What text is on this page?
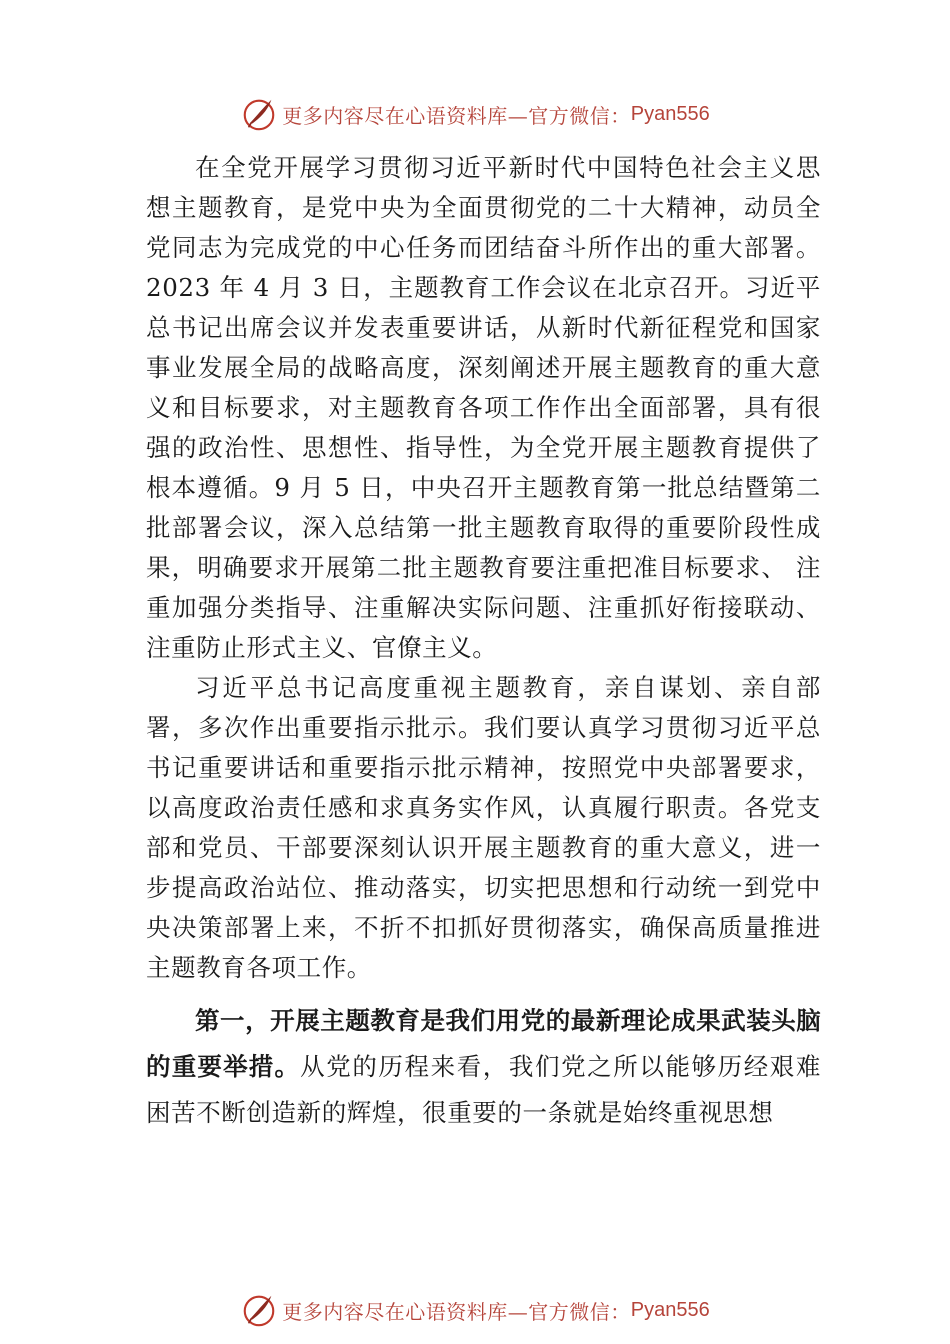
更多内容尽在心语资料库—官方微信： Pyan556

在全党开展学习贯彻习近平新时代中国特色社会主义思想主题教育，是党中央为全面贯彻党的二十大精神，动员全党同志为完成党的中心任务而团结奋斗所作出的重大部署。2023 年 4 月 3 日，主题教育工作会议在北京召开。习近平总书记出席会议并发表重要讲话，从新时代新征程党和国家事业发展全局的战略高度，深刻阐述开展主题教育的重大意义和目标要求，对主题教育各项工作作出全面部署，具有很强的政治性、思想性、指导性，为全党开展主题教育提供了根本遵循。9 月 5 日，中央召开主题教育第一批总结暨第二批部署会议，深入总结第一批主题教育取得的重要阶段性成果，明确要求开展第二批主题教育要注重把准目标要求、 注重加强分类指导、注重解决实际问题、注重抓好衔接联动、注重防止形式主义、官僚主义。

习近平总书记高度重视主题教育，亲自谋划、亲自部署，多次作出重要指示批示。我们要认真学习贯彻习近平总书记重要讲话和重要指示批示精神，按照党中央部署要求，以高度政治责任感和求真务实作风，认真履行职责。各党支部和党员、干部要深刻认识开展主题教育的重大意义，进一步提高政治站位、推动落实，切实把思想和行动统一到党中央决策部署上来，不折不扣抓好贯彻落实，确保高质量推进主题教育各项工作。

第一，开展主题教育是我们用党的最新理论成果武装头脑的重要举措。从党的历程来看，我们党之所以能够历经艰难困苦不断创造新的辉煌，很重要的一条就是始终重视思想

更多内容尽在心语资料库—官方微信： Pyan556
